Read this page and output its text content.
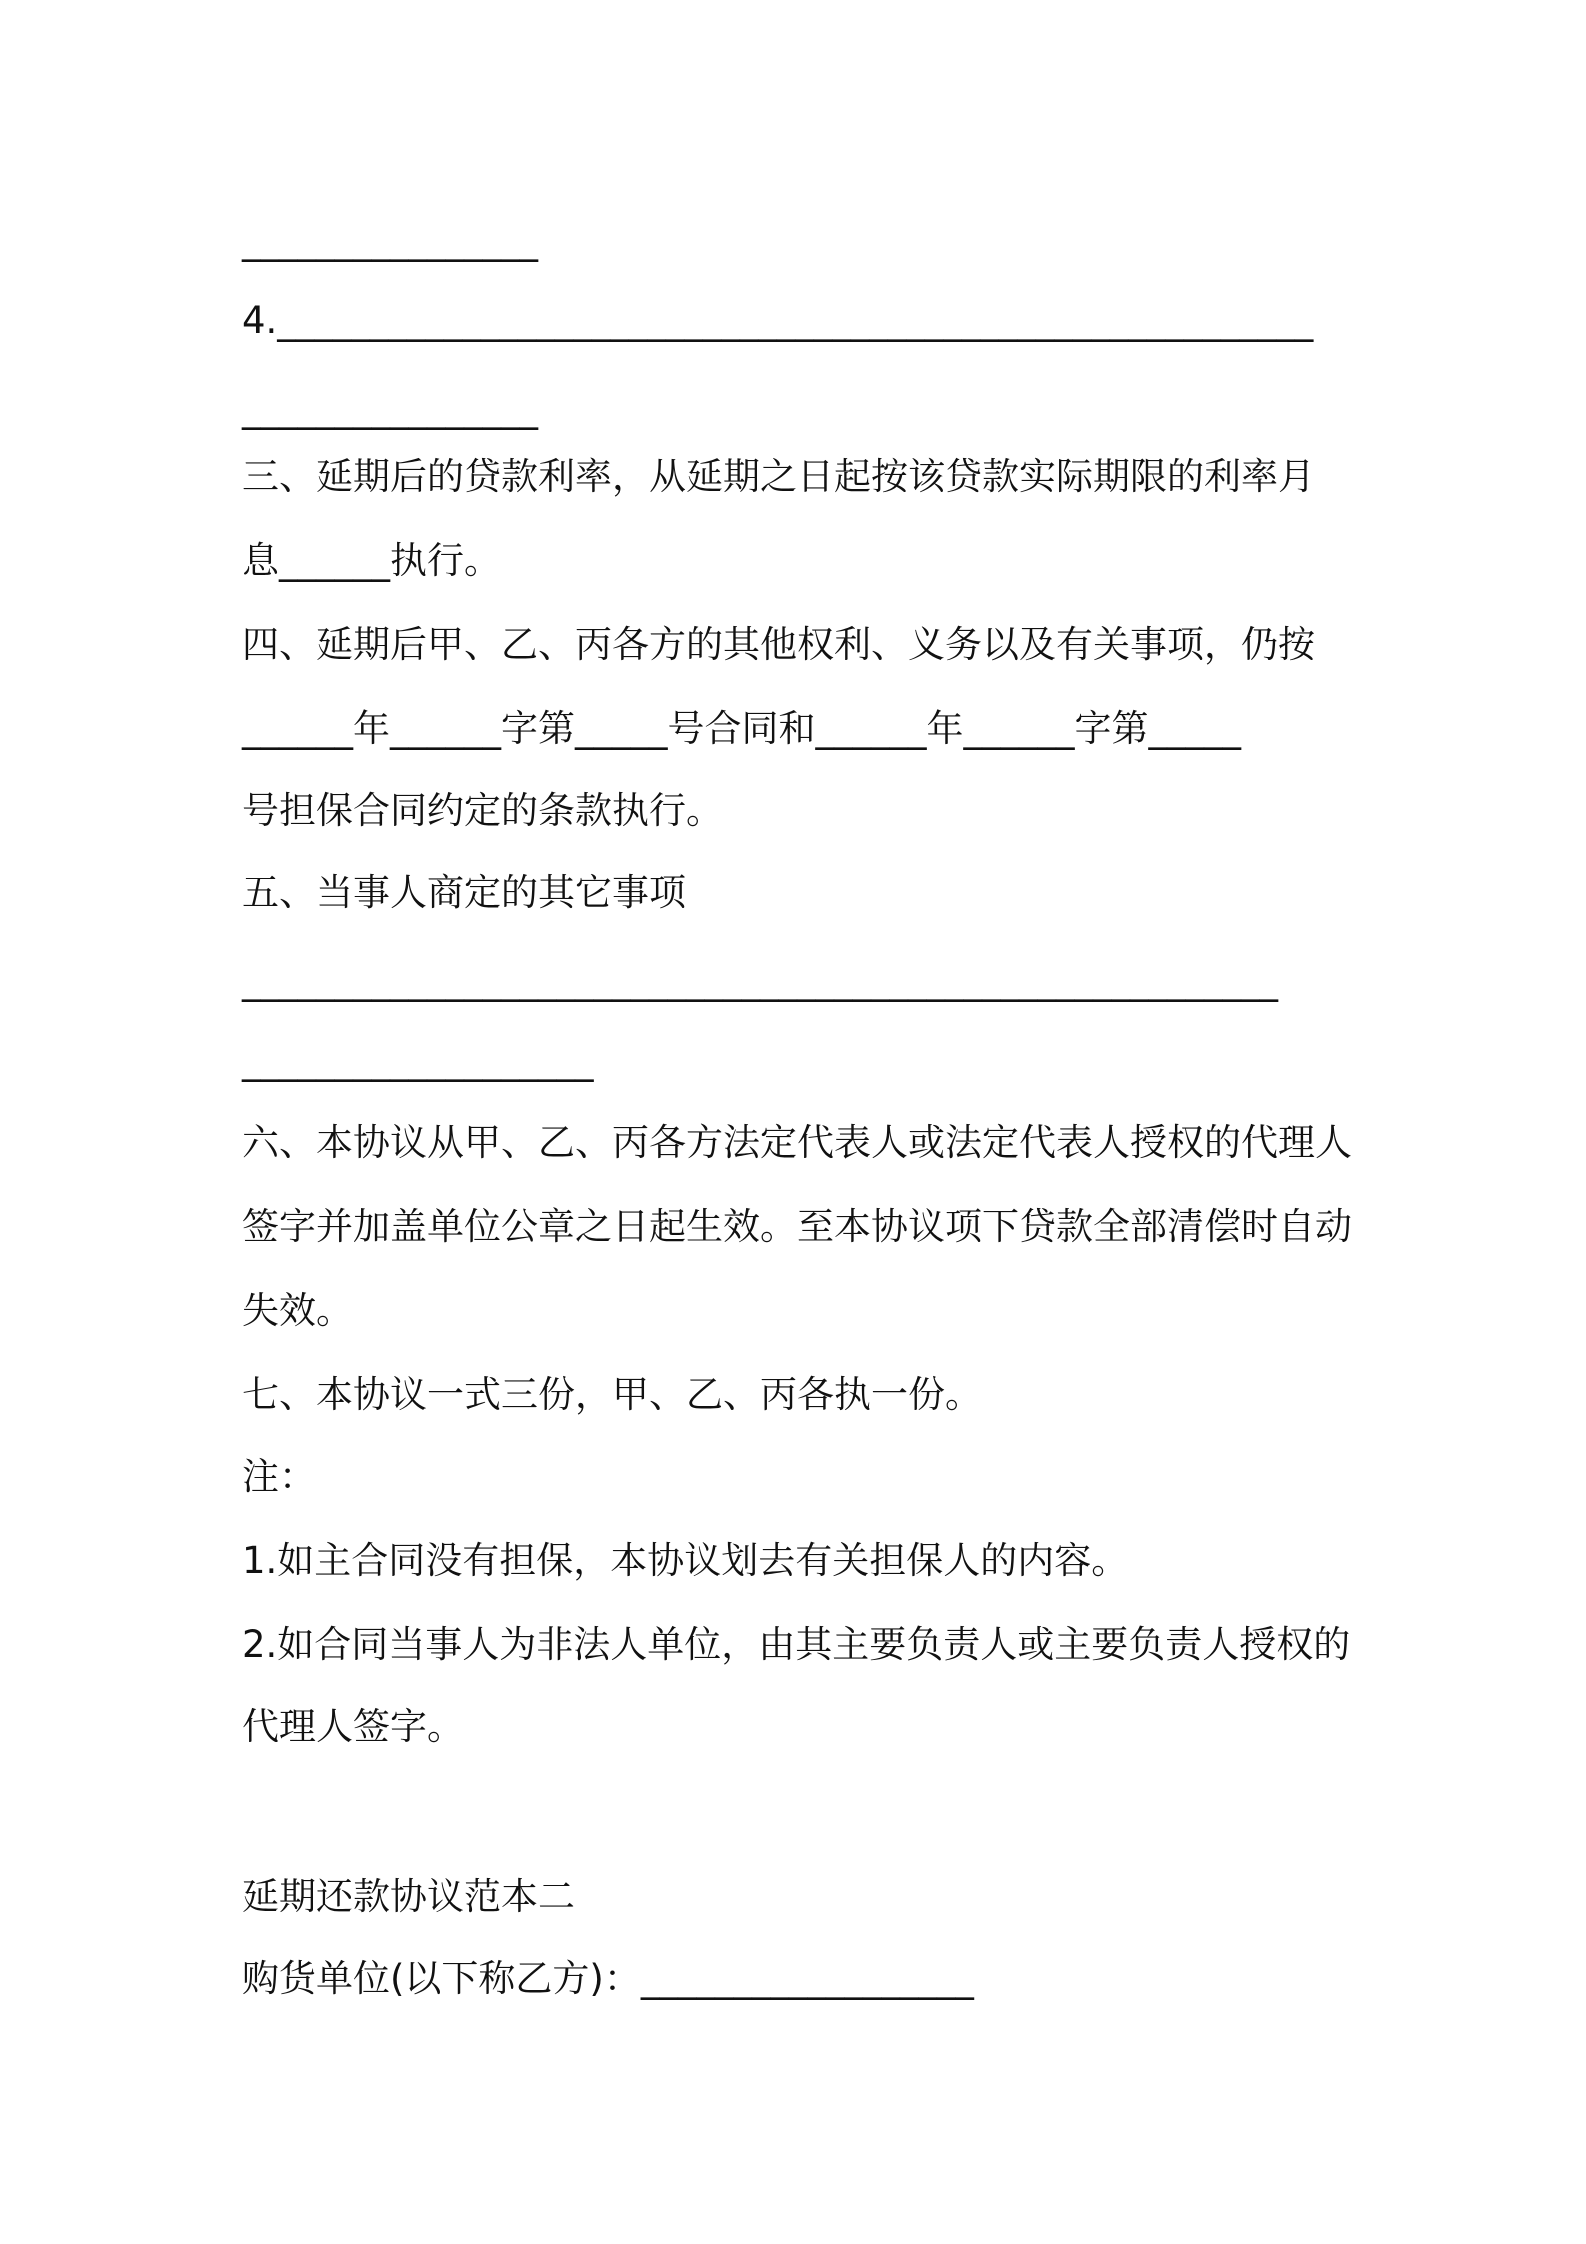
________________
4.________________________________________________________
________________
三、延期后的贷款利率，从延期之日起按该贷款实际期限的利率月
息______执行。
四、延期后甲、乙、丙各方的其他权利、义务以及有关事项，仍按
______年______字第_____号合同和______年______字第_____
号担保合同约定的条款执行。
五、当事人商定的其它事项
________________________________________________________
___________________
六、本协议从甲、乙、丙各方法定代表人或法定代表人授权的代理人
签字并加盖单位公章之日起生效。至本协议项下贷款全部清偿时自动
失效。
七、本协议一式三份，甲、乙、丙各执一份。
注：
1.如主合同没有担保，本协议划去有关担保人的内容。
2.如合同当事人为非法人单位，由其主要负责人或主要负责人授权的
代理人签字。
延期还款协议范本二
购货单位(以下称乙方)：__________________
